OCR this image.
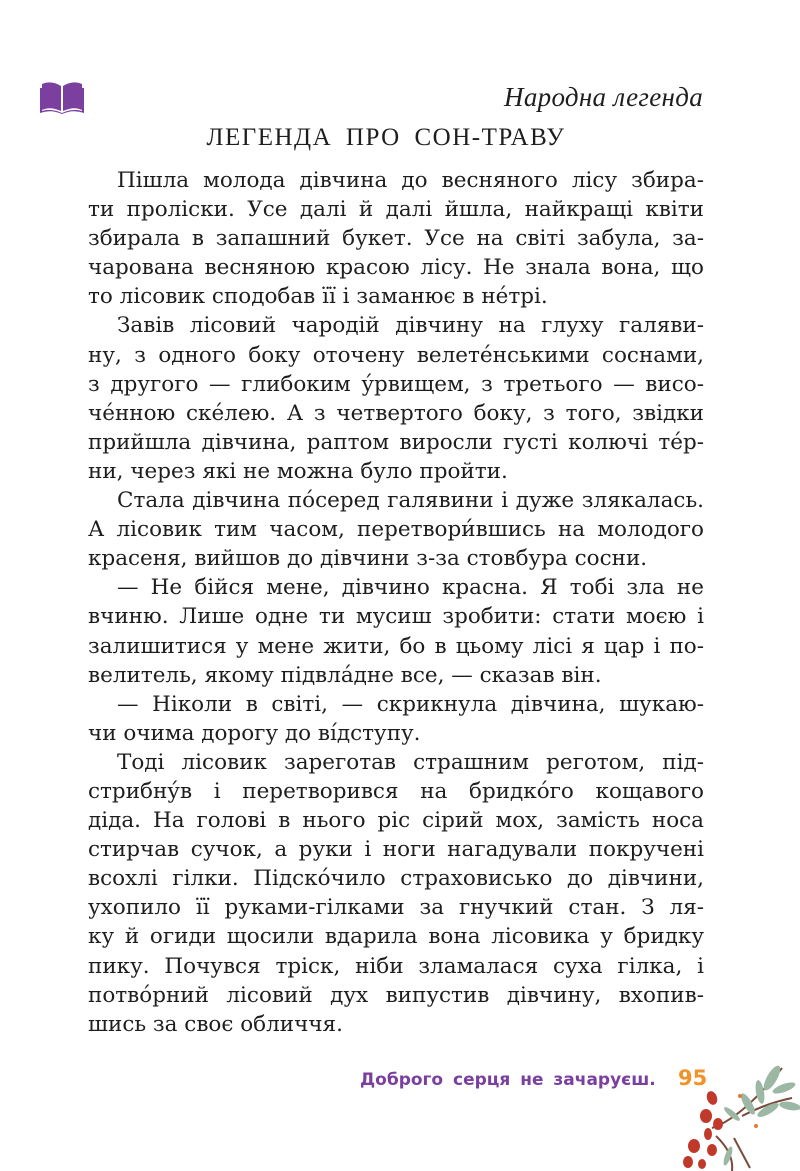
Народна легенда
ЛЕГЕНДА ПРО СОН-ТРАВУ
Пішла молода дівчина до весняного лісу збира-
ти проліски. Усе далі й далі йшла, найкращі квіти
збирала в запашний букет. Усе на світі забула, за-
чарована весняною красою лісу. Не знала вона, що
то лісовик сподобав її і заманює в не́трі.
Завів лісовий чародій дівчину на глуху галяви-
ну, з одного боку оточену велете́нськими соснами,
з другого — глибоким у́рвищем, з третього — висо-
че́нною ске́лею. А з четвертого боку, з того, звідки
прийшла дівчина, раптом виросли густі колючі те́р-
ни, через які не можна було пройти.
Стала дівчина по́серед галявини і дуже злякалась.
А лісовик тим часом, перетвори́вшись на молодого
красеня, вийшов до дівчини з-за стовбура сосни.
— Не бійся мене, дівчино красна. Я тобі зла не
вчиню. Лише одне ти мусиш зробити: стати моєю і
залишитися у мене жити, бо в цьому лісі я цар і по-
велитель, якому підвла́дне все, — сказав він.
— Ніколи в світі, — скрикнула дівчина, шукаю-
чи очима дорогу до ві́дступу.
Тоді лісовик зареготав страшним реготом, під-
стрибну́в і перетворився на бридко́го кощавого
діда. На голові в нього ріс сірий мох, замість носа
стирчав сучок, а руки і ноги нагадували покручені
всохлі гілки. Підско́чило страховисько до дівчини,
ухопило її руками-гілками за гнучкий стан. З ля-
ку й огиди щосили вдарила вона лісовика у бридку
пику. Почувся тріск, ніби зламалася суха гілка, і
потво́рний лісовий дух випустив дівчину, вхопив-
шись за своє обличчя.
Доброго серця не зачаруєш. 95
